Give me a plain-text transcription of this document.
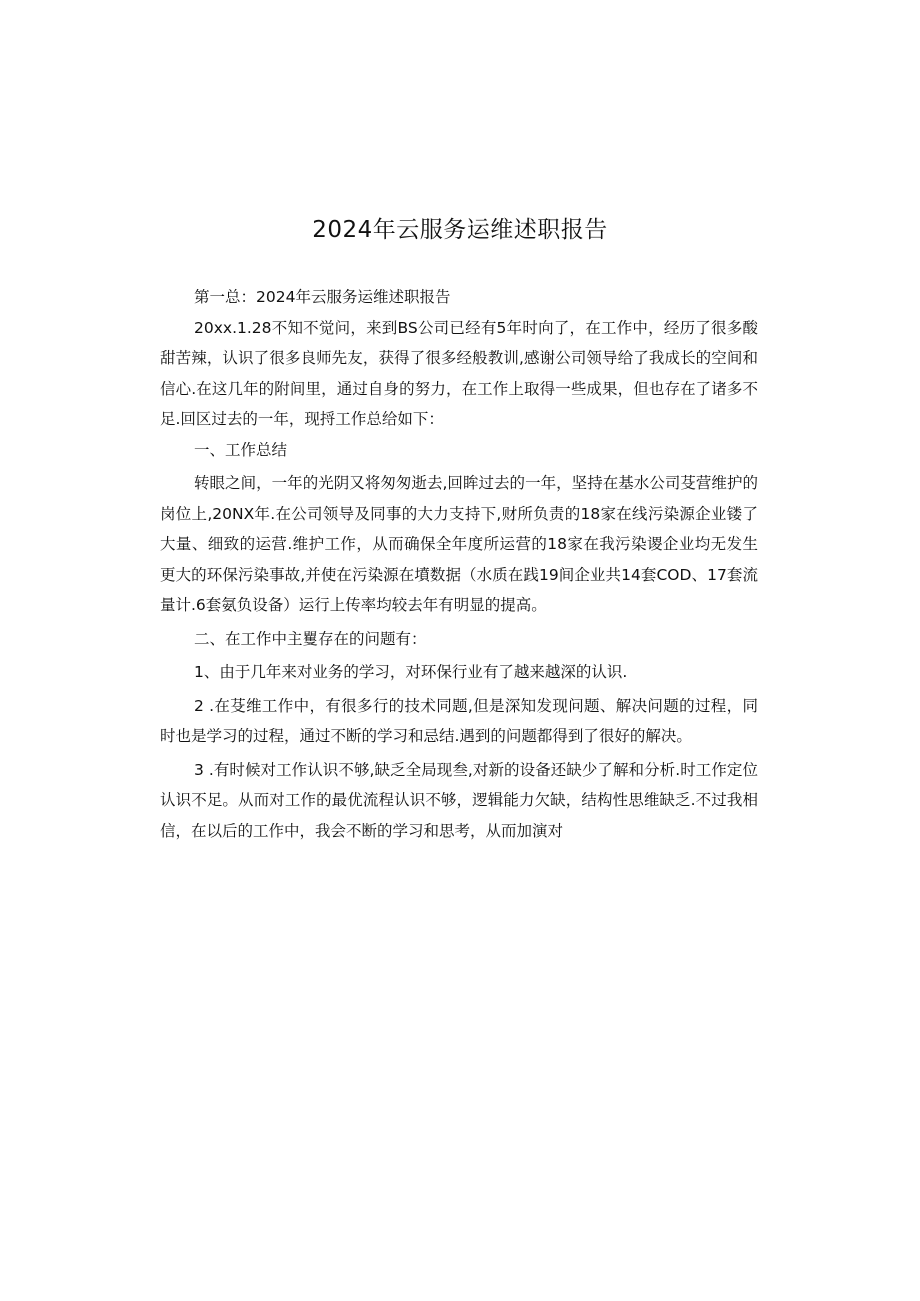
2024年云服务运维述职报告

第一总：2024年云服务运维述职报告

20xx.1.28不知不觉问，来到BS公司已经有5年时向了，在工作中，经历了很多酸甜苦辣，认识了很多良师先友，获得了很多经般教训,感谢公司领导给了我成长的空间和信心.在这几年的附间里，通过自身的努力，在工作上取得一些成果，但也存在了诸多不足.回区过去的一年，现捋工作总给如下：

一、工作总结

转眼之间，一年的光阴又将匆匆逝去,回眸过去的一年，坚持在基水公司芟营维护的岗位上,20NX年.在公司领导及同事的大力支持下,财所负责的18家在线污染源企业镂了大量、细致的运营.维护工作，从而确保全年度所运营的18家在我污染谡企业均无发生更大的环保污染事故,并使在污染源在墳数据（水质在践19间企业共14套COD、17套流量计.6套氨负设备）运行上传率均较去年有明显的提高。

二、在工作中主矍存在的问题有：

1、由于几年来对业务的学习，对环保行业有了越来越深的认识.

2 .在芟维工作中，有很多行的技术同题,但是深知发现问题、解决问题的过程，同时也是学习的过程，通过不断的学习和忌结.遇到的问题都得到了很好的解决。

3 .有时候对工作认识不够,缺乏全局现叁,对新的设备还缺少了解和分析.时工作定位认识不足。从而对工作的最优流程认识不够，逻辑能力欠缺，结构性思维缺乏.不过我相信，在以后的工作中，我会不断的学习和思考，从而加演对
